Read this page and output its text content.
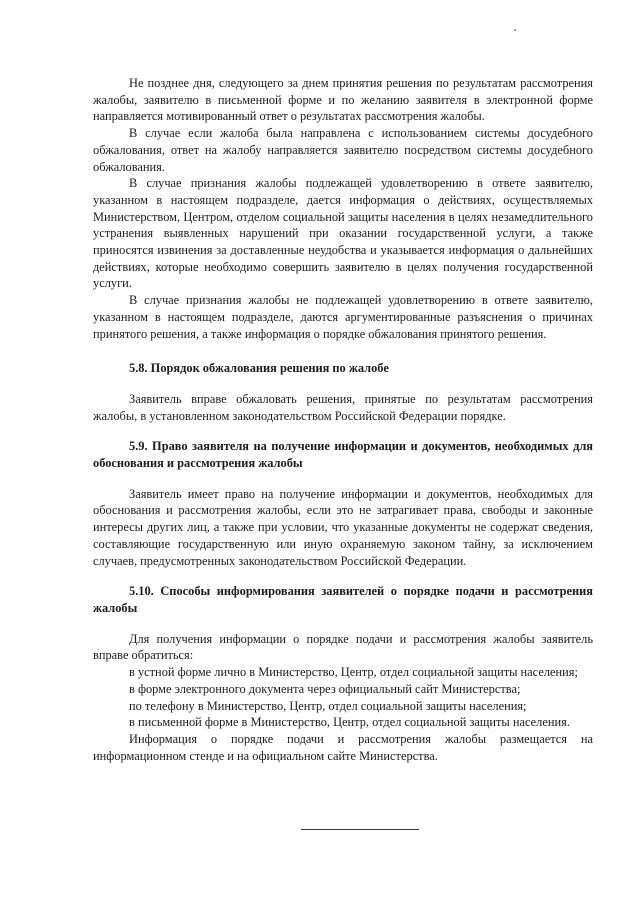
Не позднее дня, следующего за днем принятия решения по результатам рассмотрения жалобы, заявителю в письменной форме и по желанию заявителя в электронной форме направляется мотивированный ответ о результатах рассмотрения жалобы.

В случае если жалоба была направлена с использованием системы досудебного обжалования, ответ на жалобу направляется заявителю посредством системы досудебного обжалования.

В случае признания жалобы подлежащей удовлетворению в ответе заявителю, указанном в настоящем подразделе, дается информация о действиях, осуществляемых Министерством, Центром, отделом социальной защиты населения в целях незамедлительного устранения выявленных нарушений при оказании государственной услуги, а также приносятся извинения за доставленные неудобства и указывается информация о дальнейших действиях, которые необходимо совершить заявителю в целях получения государственной услуги.

В случае признания жалобы не подлежащей удовлетворению в ответе заявителю, указанном в настоящем подразделе, даются аргументированные разъяснения о причинах принятого решения, а также информация о порядке обжалования принятого решения.

5.8. Порядок обжалования решения по жалобе

Заявитель вправе обжаловать решения, принятые по результатам рассмотрения жалобы, в установленном законодательством Российской Федерации порядке.

5.9. Право заявителя на получение информации и документов, необходимых для обоснования и рассмотрения жалобы

Заявитель имеет право на получение информации и документов, необходимых для обоснования и рассмотрения жалобы, если это не затрагивает права, свободы и законные интересы других лиц, а также при условии, что указанные документы не содержат сведения, составляющие государственную или иную охраняемую законом тайну, за исключением случаев, предусмотренных законодательством Российской Федерации.

5.10. Способы информирования заявителей о порядке подачи и рассмотрения жалобы

Для получения информации о порядке подачи и рассмотрения жалобы заявитель вправе обратиться:

в устной форме лично в Министерство, Центр, отдел социальной защиты населения;

в форме электронного документа через официальный сайт Министерства;

по телефону в Министерство, Центр, отдел социальной защиты населения;

в письменной форме в Министерство, Центр, отдел социальной защиты населения.

Информация о порядке подачи и рассмотрения жалобы размещается на информационном стенде и на официальном сайте Министерства.
